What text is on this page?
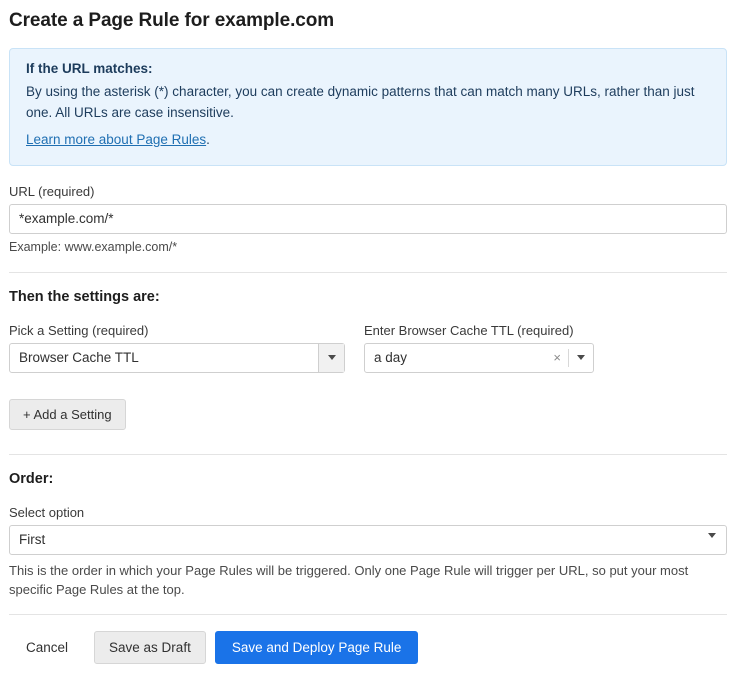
Create a Page Rule for example.com
If the URL matches:
By using the asterisk (*) character, you can create dynamic patterns that can match many URLs, rather than just one. All URLs are case insensitive.
Learn more about Page Rules.
URL (required)
*example.com/*
Example: www.example.com/*
Then the settings are:
Pick a Setting (required)
Browser Cache TTL
Enter Browser Cache TTL (required)
a day	×
+ Add a Setting
Order:
Select option
First
This is the order in which your Page Rules will be triggered. Only one Page Rule will trigger per URL, so put your most specific Page Rules at the top.
Cancel	Save as Draft	Save and Deploy Page Rule
